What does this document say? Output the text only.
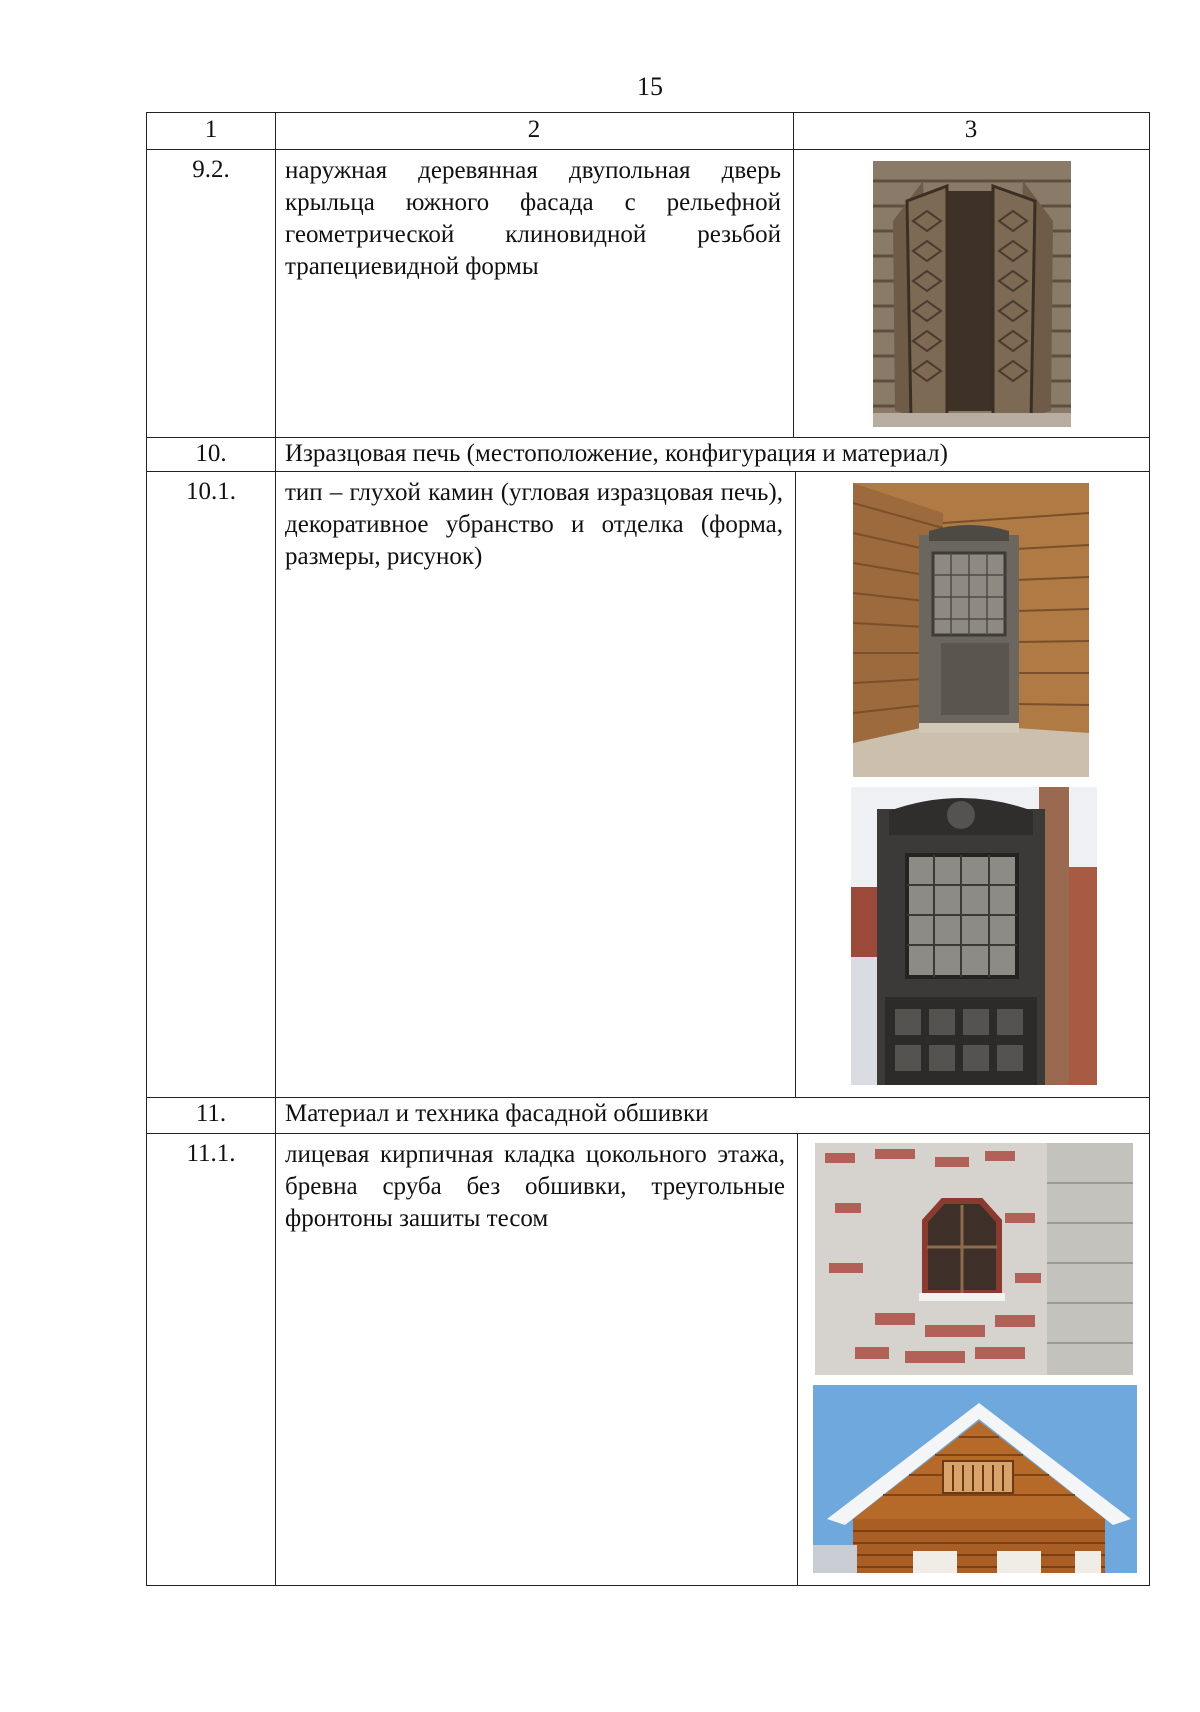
15
1	2	3
9.2.	наружная деревянная двупольная дверь крыльца южного фасада с рельефной геометрической клиновидной резьбой трапециевидной формы
10.	Изразцовая печь (местоположение, конфигурация и материал)
10.1.	тип – глухой камин (угловая изразцовая печь), декоративное убранство и отделка (форма, размеры, рисунок)
11.	Материал и техника фасадной обшивки
11.1.	лицевая кирпичная кладка цокольного этажа, бревна сруба без обшивки, треугольные фронтоны зашиты тесом
